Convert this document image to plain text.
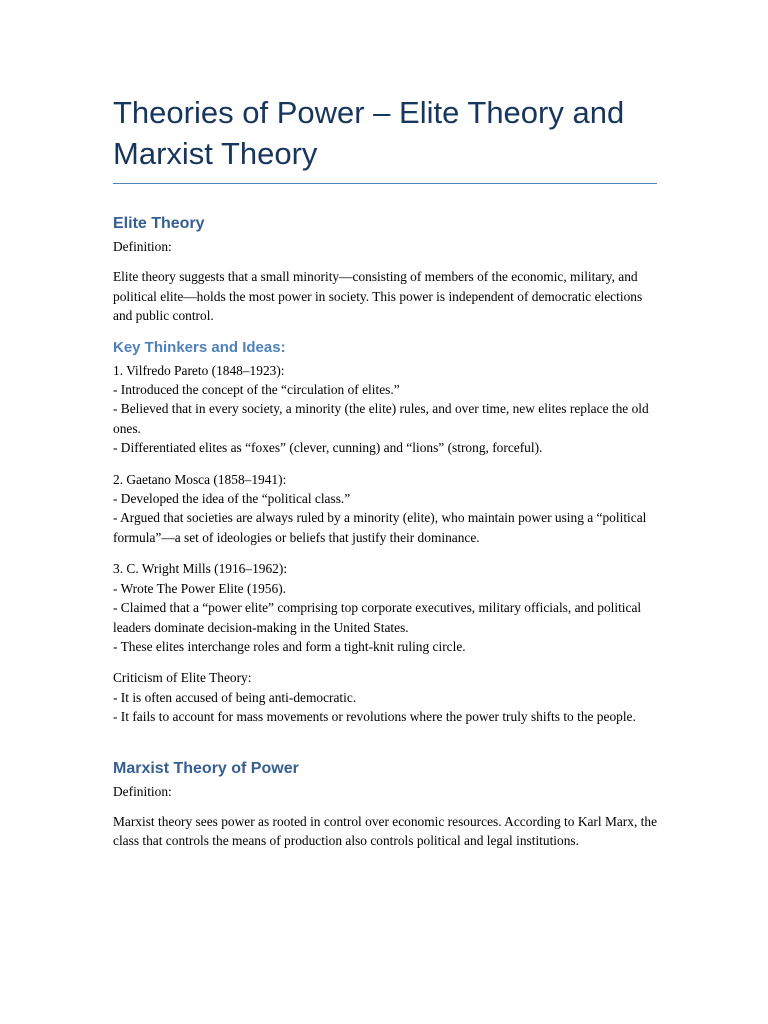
Theories of Power – Elite Theory and Marxist Theory
Elite Theory

Definition:

Elite theory suggests that a small minority—consisting of members of the economic, military, and political elite—holds the most power in society. This power is independent of democratic elections and public control.

Key Thinkers and Ideas:

1. Vilfredo Pareto (1848–1923):

- Introduced the concept of the “circulation of elites.”

- Believed that in every society, a minority (the elite) rules, and over time, new elites replace the old ones.

- Differentiated elites as “foxes” (clever, cunning) and “lions” (strong, forceful).

2. Gaetano Mosca (1858–1941):

- Developed the idea of the “political class.”

- Argued that societies are always ruled by a minority (elite), who maintain power using a “political formula”—a set of ideologies or beliefs that justify their dominance.

3. C. Wright Mills (1916–1962):

- Wrote The Power Elite (1956).

- Claimed that a “power elite” comprising top corporate executives, military officials, and political leaders dominate decision-making in the United States.

- These elites interchange roles and form a tight-knit ruling circle.

Criticism of Elite Theory:

- It is often accused of being anti-democratic.

- It fails to account for mass movements or revolutions where the power truly shifts to the people.

Marxist Theory of Power

Definition:

Marxist theory sees power as rooted in control over economic resources. According to Karl Marx, the class that controls the means of production also controls political and legal institutions.
